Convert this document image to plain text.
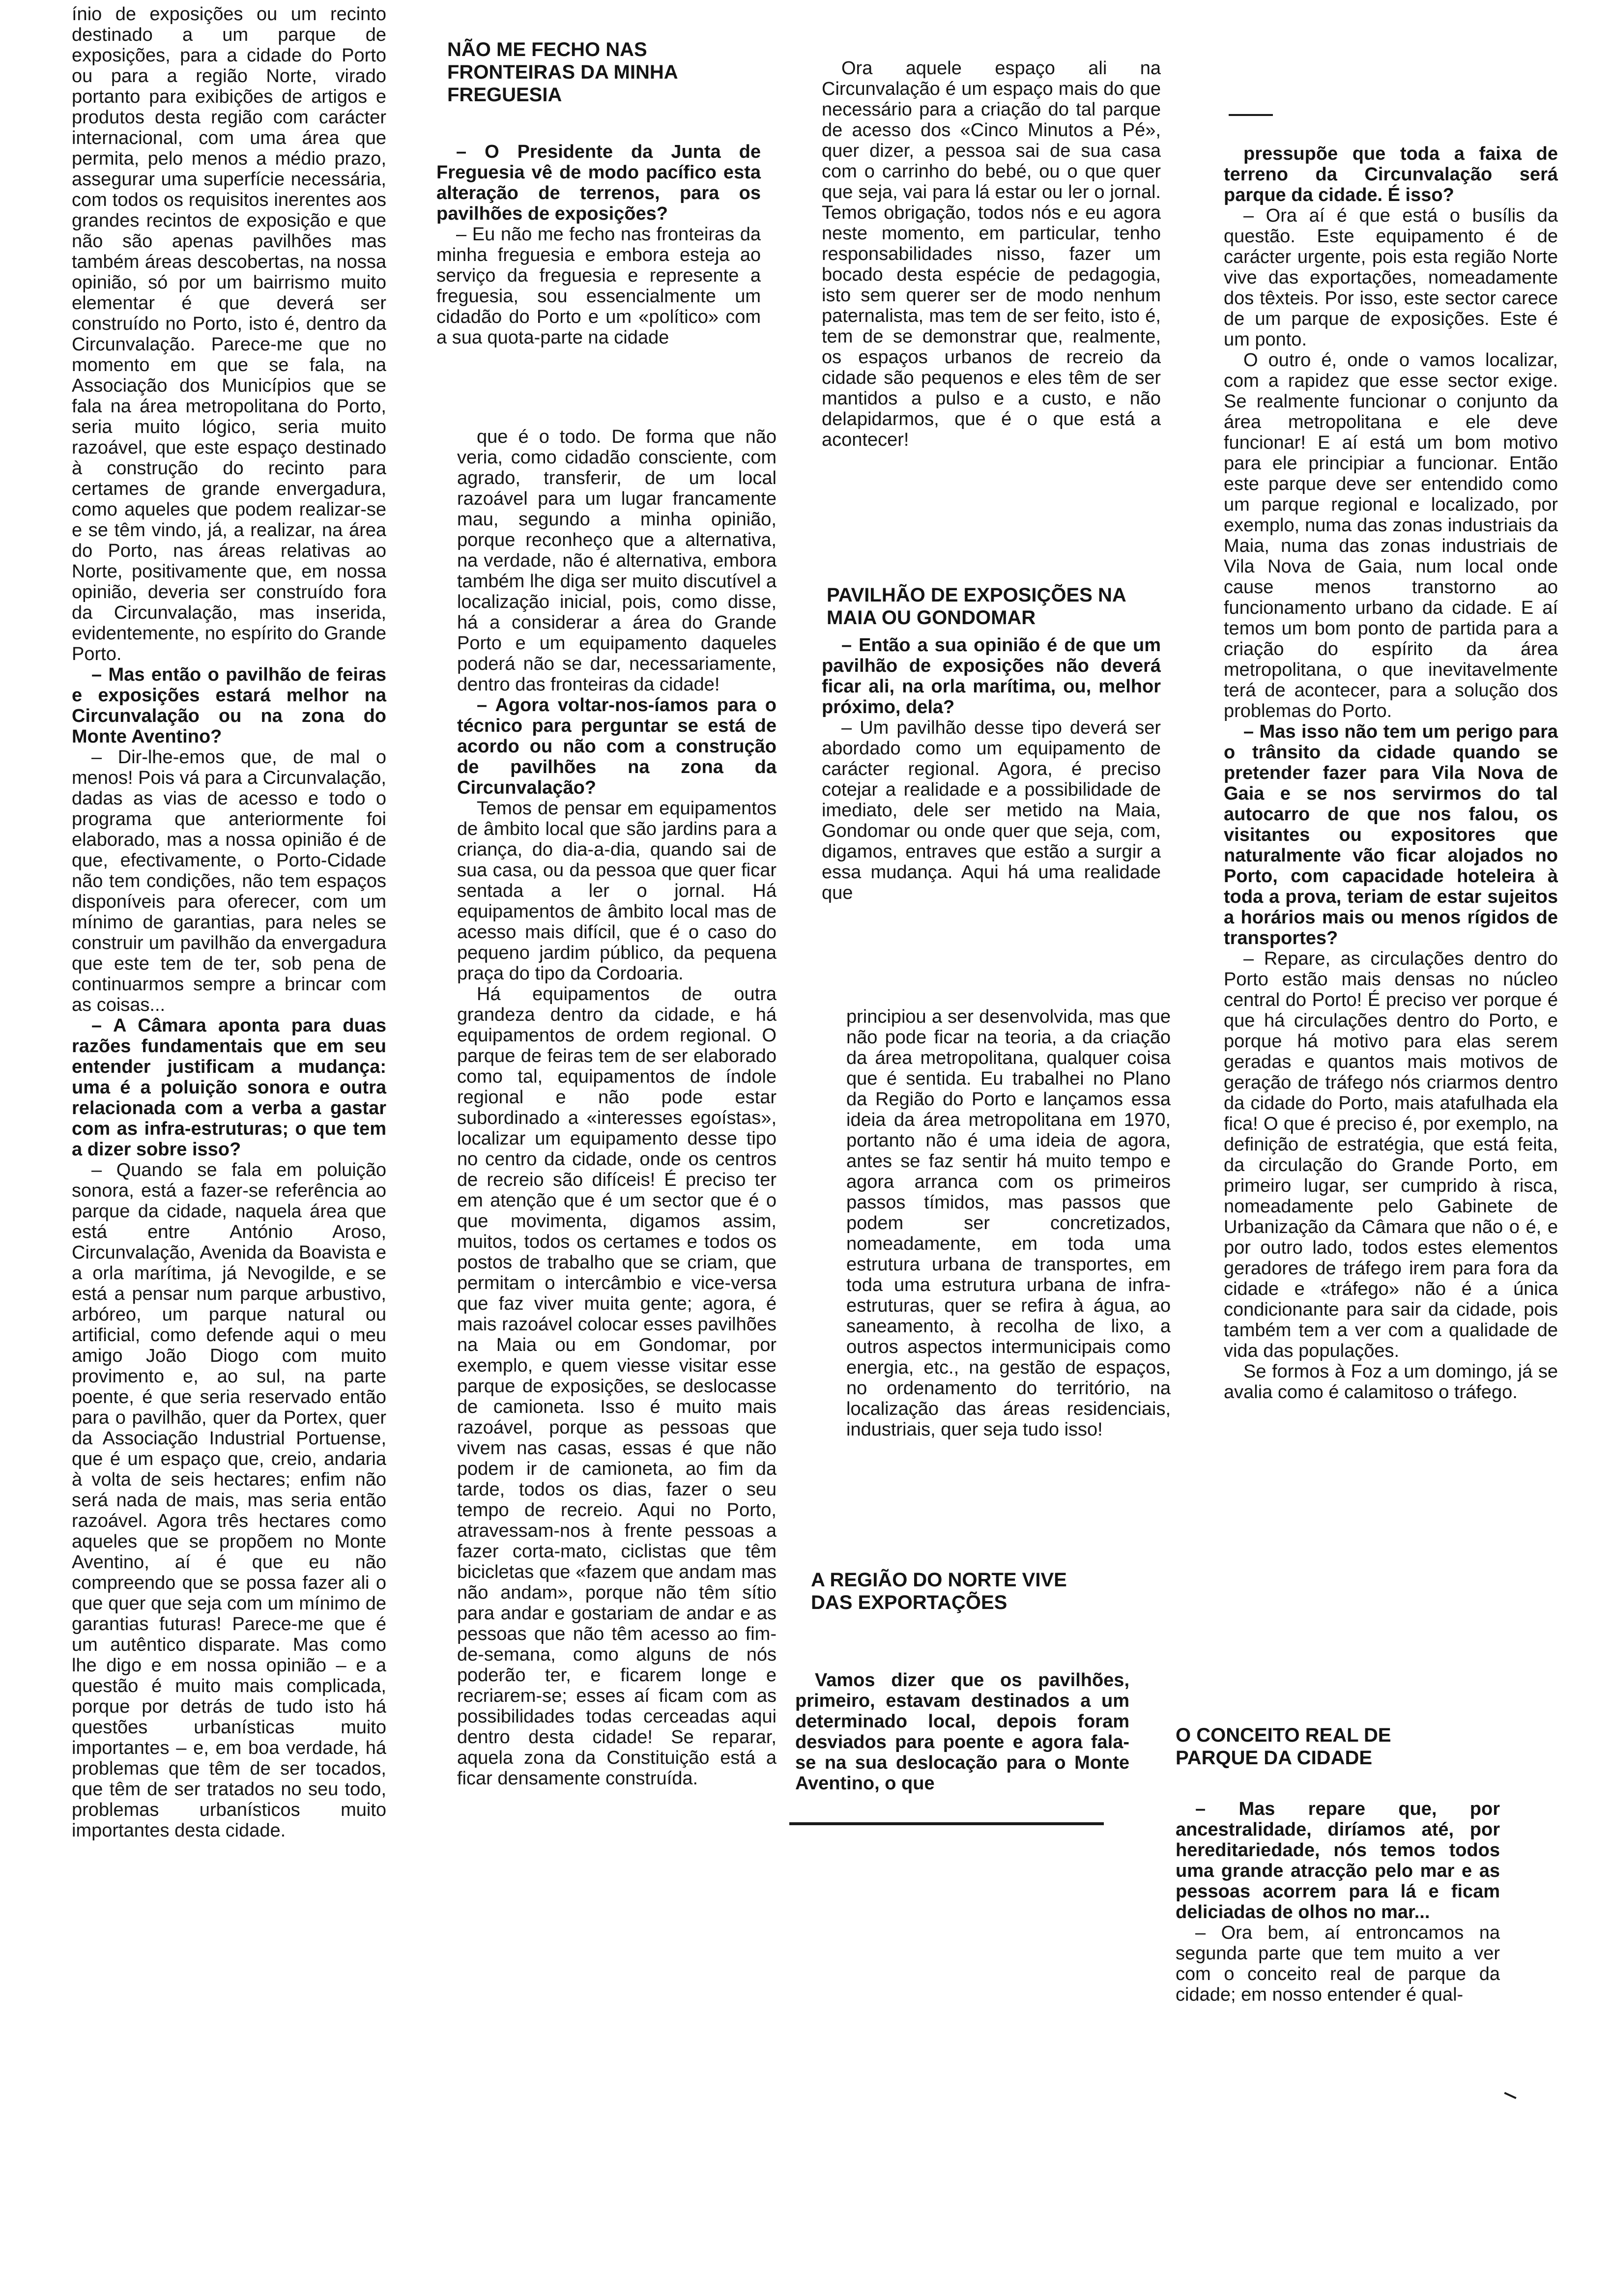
ínio de exposições ou um recinto destinado a um parque de exposições, para a cidade do Porto ou para a região Norte, virado portanto para exibições de artigos e produtos desta região com carácter internacional, com uma área que permita, pelo menos a médio prazo, assegurar uma superfície necessária, com todos os requisitos inerentes aos grandes recintos de exposição e que não são apenas pavilhões mas também áreas descobertas, na nossa opinião, só por um bairrismo muito elementar é que deverá ser construído no Porto, isto é, dentro da Circunvalação. Parece-me que no momento em que se fala, na Associação dos Municípios que se fala na área metropolitana do Porto, seria muito lógico, seria muito razoável, que este espaço destinado à construção do recinto para certames de grande envergadura, como aqueles que podem realizar-se e se têm vindo, já, a realizar, na área do Porto, nas áreas relativas ao Norte, positivamente que, em nossa opinião, deveria ser construído fora da Circunvalação, mas inserida, evidentemente, no espírito do Grande Porto.

– Mas então o pavilhão de feiras e exposições estará melhor na Circunvalação ou na zona do Monte Aventino?

– Dir-lhe-emos que, de mal o menos! Pois vá para a Circunvalação, dadas as vias de acesso e todo o programa que anteriormente foi elaborado, mas a nossa opinião é de que, efectivamente, o Porto-Cidade não tem condições, não tem espaços disponíveis para oferecer, com um mínimo de garantias, para neles se construir um pavilhão da envergadura que este tem de ter, sob pena de continuarmos sempre a brincar com as coisas...

– A Câmara aponta para duas razões fundamentais que em seu entender justificam a mudança: uma é a poluição sonora e outra relacionada com a verba a gastar com as infra-estruturas; o que tem a dizer sobre isso?

– Quando se fala em poluição sonora, está a fazer-se referência ao parque da cidade, naquela área que está entre António Aroso, Circunvalação, Avenida da Boavista e a orla marítima, já Nevogilde, e se está a pensar num parque arbustivo, arbóreo, um parque natural ou artificial, como defende aqui o meu amigo João Diogo com muito provimento e, ao sul, na parte poente, é que seria reservado então para o pavilhão, quer da Portex, quer da Associação Industrial Portuense, que é um espaço que, creio, andaria à volta de seis hectares; enfim não será nada de mais, mas seria então razoável. Agora três hectares como aqueles que se propõem no Monte Aventino, aí é que eu não compreendo que se possa fazer ali o que quer que seja com um mínimo de garantias futuras! Parece-me que é um autêntico disparate. Mas como lhe digo e em nossa opinião – e a questão é muito mais complicada, porque por detrás de tudo isto há questões urbanísticas muito importantes – e, em boa verdade, há problemas que têm de ser tocados, que têm de ser tratados no seu todo, problemas urbanísticos muito importantes desta cidade.

NÃO ME FECHO NAS FRONTEIRAS DA MINHA FREGUESIA

– O Presidente da Junta de Freguesia vê de modo pacífico esta alteração de terrenos, para os pavilhões de exposições?

– Eu não me fecho nas fronteiras da minha freguesia e embora esteja ao serviço da freguesia e represente a freguesia, sou essencialmente um cidadão do Porto e um «político» com a sua quota-parte na cidade

que é o todo. De forma que não veria, como cidadão consciente, com agrado, transferir, de um local razoável para um lugar francamente mau, segundo a minha opinião, porque reconheço que a alternativa, na verdade, não é alternativa, embora também lhe diga ser muito discutível a localização inicial, pois, como disse, há a considerar a área do Grande Porto e um equipamento daqueles poderá não se dar, necessariamente, dentro das fronteiras da cidade!

– Agora voltar-nos-íamos para o técnico para perguntar se está de acordo ou não com a construção de pavilhões na zona da Circunvalação?

Temos de pensar em equipamentos de âmbito local que são jardins para a criança, do dia-a-dia, quando sai de sua casa, ou da pessoa que quer ficar sentada a ler o jornal. Há equipamentos de âmbito local mas de acesso mais difícil, que é o caso do pequeno jardim público, da pequena praça do tipo da Cordoaria.

Há equipamentos de outra grandeza dentro da cidade, e há equipamentos de ordem regional. O parque de feiras tem de ser elaborado como tal, equipamentos de índole regional e não pode estar subordinado a «interesses egoístas», localizar um equipamento desse tipo no centro da cidade, onde os centros de recreio são difíceis! É preciso ter em atenção que é um sector que é o que movimenta, digamos assim, muitos, todos os certames e todos os postos de trabalho que se criam, que permitam o intercâmbio e vice-versa que faz viver muita gente; agora, é mais razoável colocar esses pavilhões na Maia ou em Gondomar, por exemplo, e quem viesse visitar esse parque de exposições, se deslocasse de camioneta. Isso é muito mais razoável, porque as pessoas que vivem nas casas, essas é que não podem ir de camioneta, ao fim da tarde, todos os dias, fazer o seu tempo de recreio. Aqui no Porto, atravessam-nos à frente pessoas a fazer corta-mato, ciclistas que têm bicicletas que «fazem que andam mas não andam», porque não têm sítio para andar e gostariam de andar e as pessoas que não têm acesso ao fim-de-semana, como alguns de nós poderão ter, e ficarem longe e recriarem-se; esses aí ficam com as possibilidades todas cerceadas aqui dentro desta cidade! Se reparar, aquela zona da Constituição está a ficar densamente construída.

Ora aquele espaço ali na Circunvalação é um espaço mais do que necessário para a criação do tal parque de acesso dos «Cinco Minutos a Pé», quer dizer, a pessoa sai de sua casa com o carrinho do bebé, ou o que quer que seja, vai para lá estar ou ler o jornal. Temos obrigação, todos nós e eu agora neste momento, em particular, tenho responsabilidades nisso, fazer um bocado desta espécie de pedagogia, isto sem querer ser de modo nenhum paternalista, mas tem de ser feito, isto é, tem de se demonstrar que, realmente, os espaços urbanos de recreio da cidade são pequenos e eles têm de ser mantidos a pulso e a custo, e não delapidarmos, que é o que está a acontecer!

PAVILHÃO DE EXPOSIÇÕES NA MAIA OU GONDOMAR

– Então a sua opinião é de que um pavilhão de exposições não deverá ficar ali, na orla marítima, ou, melhor próximo, dela?

– Um pavilhão desse tipo deverá ser abordado como um equipamento de carácter regional. Agora, é preciso cotejar a realidade e a possibilidade de imediato, dele ser metido na Maia, Gondomar ou onde quer que seja, com, digamos, entraves que estão a surgir a essa mudança. Aqui há uma realidade que

principiou a ser desenvolvida, mas que não pode ficar na teoria, a da criação da área metropolitana, qualquer coisa que é sentida. Eu trabalhei no Plano da Região do Porto e lançamos essa ideia da área metropolitana em 1970, portanto não é uma ideia de agora, antes se faz sentir há muito tempo e agora arranca com os primeiros passos tímidos, mas passos que podem ser concretizados, nomeadamente, em toda uma estrutura urbana de transportes, em toda uma estrutura urbana de infra-estruturas, quer se refira à água, ao saneamento, à recolha de lixo, a outros aspectos intermunicipais como energia, etc., na gestão de espaços, no ordenamento do território, na localização das áreas residenciais, industriais, quer seja tudo isso!

A REGIÃO DO NORTE VIVE DAS EXPORTAÇÕES

Vamos dizer que os pavilhões, primeiro, estavam destinados a um determinado local, depois foram desviados para poente e agora fala-se na sua deslocação para o Monte Aventino, o que

pressupõe que toda a faixa de terreno da Circunvalação será parque da cidade. É isso?

– Ora aí é que está o busílis da questão. Este equipamento é de carácter urgente, pois esta região Norte vive das exportações, nomeadamente dos têxteis. Por isso, este sector carece de um parque de exposições. Este é um ponto.

O outro é, onde o vamos localizar, com a rapidez que esse sector exige. Se realmente funcionar o conjunto da área metropolitana e ele deve funcionar! E aí está um bom motivo para ele principiar a funcionar. Então este parque deve ser entendido como um parque regional e localizado, por exemplo, numa das zonas industriais da Maia, numa das zonas industriais de Vila Nova de Gaia, num local onde cause menos transtorno ao funcionamento urbano da cidade. E aí temos um bom ponto de partida para a criação do espírito da área metropolitana, o que inevitavelmente terá de acontecer, para a solução dos problemas do Porto.

– Mas isso não tem um perigo para o trânsito da cidade quando se pretender fazer para Vila Nova de Gaia e se nos servirmos do tal autocarro de que nos falou, os visitantes ou expositores que naturalmente vão ficar alojados no Porto, com capacidade hoteleira à toda a prova, teriam de estar sujeitos a horários mais ou menos rígidos de transportes?

– Repare, as circulações dentro do Porto estão mais densas no núcleo central do Porto! É preciso ver porque é que há circulações dentro do Porto, e porque há motivo para elas serem geradas e quantos mais motivos de geração de tráfego nós criarmos dentro da cidade do Porto, mais atafulhada ela fica! O que é preciso é, por exemplo, na definição de estratégia, que está feita, da circulação do Grande Porto, em primeiro lugar, ser cumprido à risca, nomeadamente pelo Gabinete de Urbanização da Câmara que não o é, e por outro lado, todos estes elementos geradores de tráfego irem para fora da cidade e «tráfego» não é a única condicionante para sair da cidade, pois também tem a ver com a qualidade de vida das populações.

Se formos à Foz a um domingo, já se avalia como é calamitoso o tráfego.

O CONCEITO REAL DE PARQUE DA CIDADE

– Mas repare que, por ancestralidade, diríamos até, por hereditariedade, nós temos todos uma grande atracção pelo mar e as pessoas acorrem para lá e ficam deliciadas de olhos no mar...

– Ora bem, aí entroncamos na segunda parte que tem muito a ver com o conceito real de parque da cidade; em nosso entender é qual-
